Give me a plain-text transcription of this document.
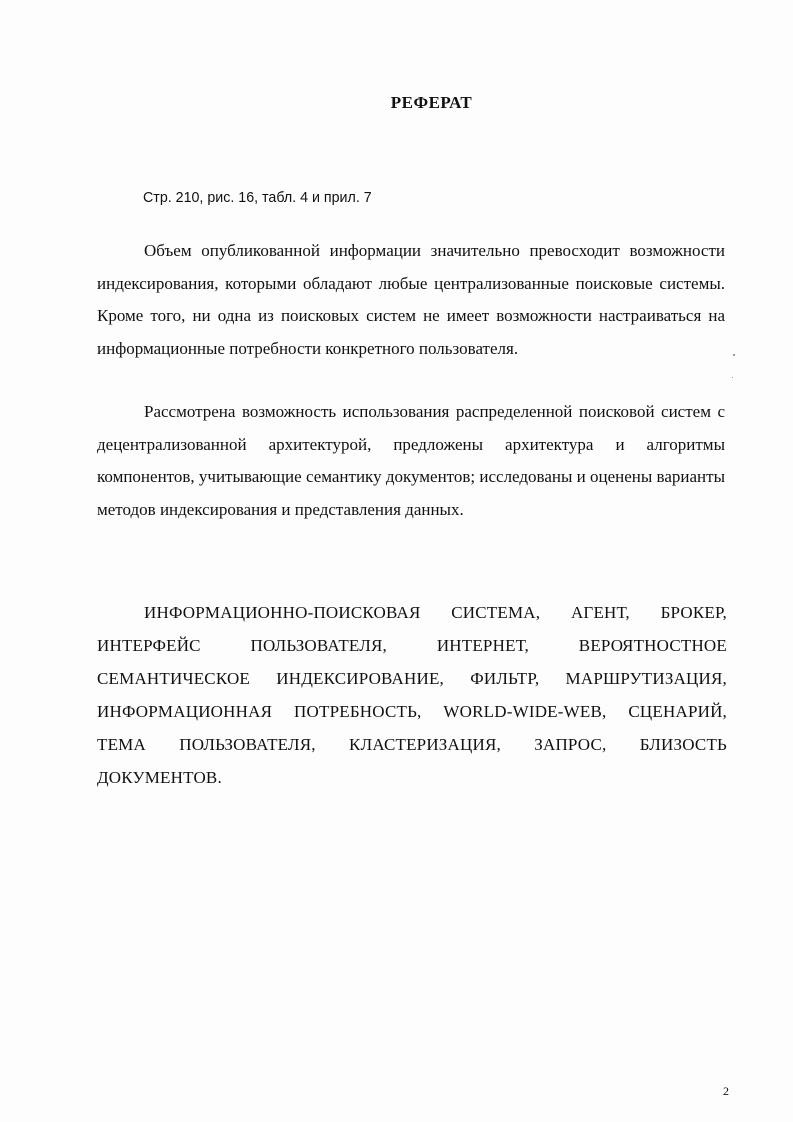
РЕФЕРАТ
Стр. 210, рис. 16, табл. 4 и прил. 7

Объем опубликованной информации значительно превосходит возможности индексирования, которыми обладают любые централизованные поисковые системы. Кроме того, ни одна из поисковых систем не имеет возможности настраиваться на информационные потребности конкретного пользователя.

Рассмотрена возможность использования распределенной поисковой систем с децентрализованной архитектурой, предложены архитектура и алгоритмы компонентов, учитывающие семантику документов; исследованы и оценены варианты методов индексирования и представления данных.

ИНФОРМАЦИОННО-ПОИСКОВАЯ СИСТЕМА, АГЕНТ, БРОКЕР, ИНТЕРФЕЙС ПОЛЬЗОВАТЕЛЯ, ИНТЕРНЕТ, ВЕРОЯТНОСТНОЕ СЕМАНТИЧЕСКОЕ ИНДЕКСИРОВАНИЕ, ФИЛЬТР, МАРШРУТИЗАЦИЯ, ИНФОРМАЦИОННАЯ ПОТРЕБНОСТЬ, WORLD-WIDE-WEB, СЦЕНАРИЙ, ТЕМА ПОЛЬЗОВАТЕЛЯ, КЛАСТЕРИЗАЦИЯ, ЗАПРОС, БЛИЗОСТЬ ДОКУМЕНТОВ.

2
